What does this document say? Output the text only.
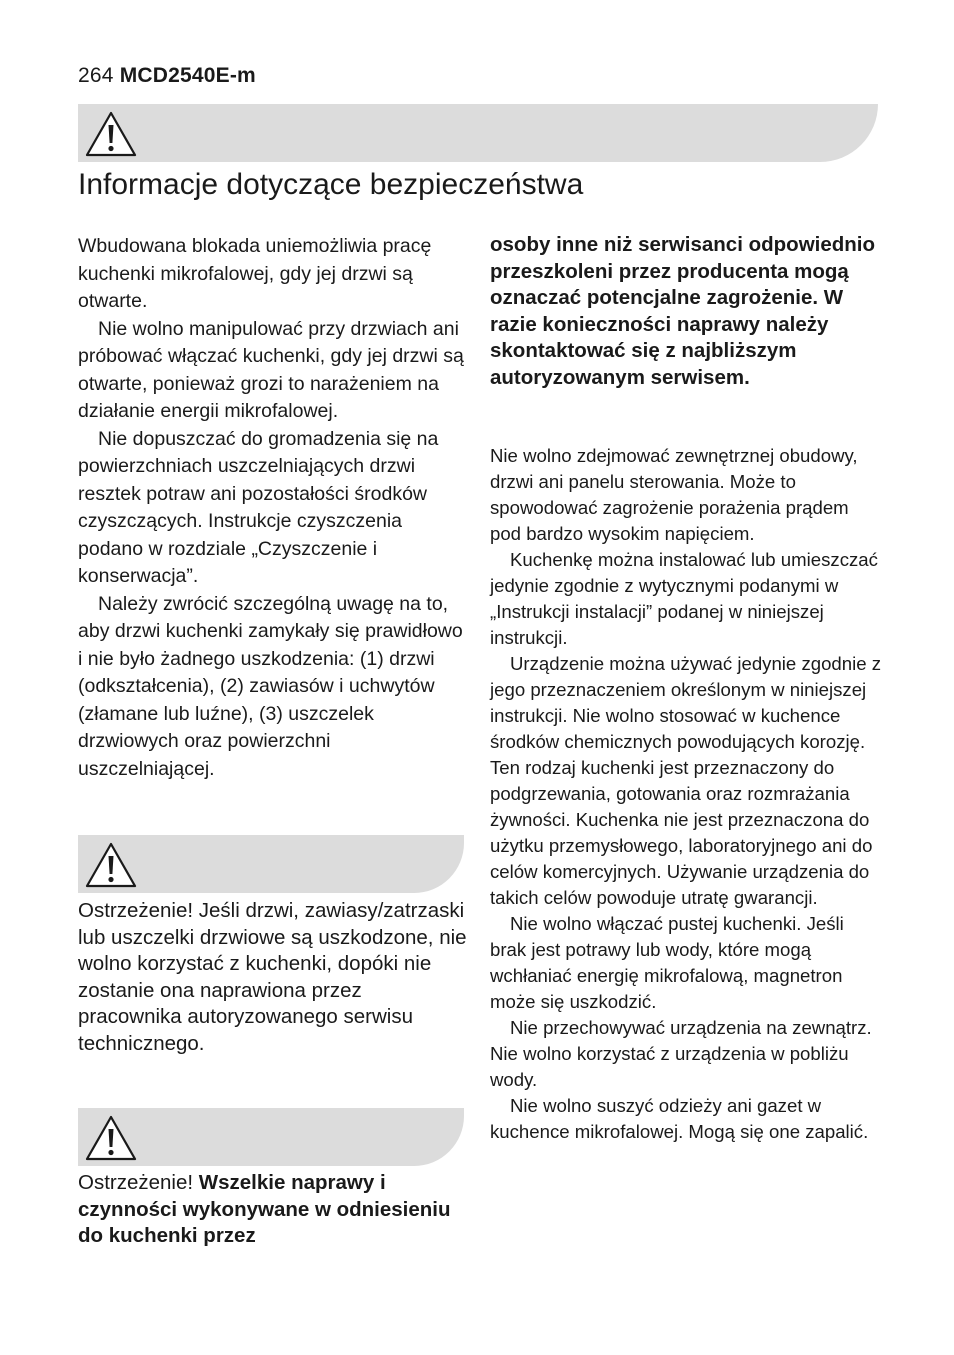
264 MCD2540E-m
Informacje dotyczące bezpieczeństwa

Wbudowana blokada uniemożliwia pracę kuchenki mikrofalowej, gdy jej drzwi są otwarte.

Nie wolno manipulować przy drzwiach ani próbować włączać kuchenki, gdy jej drzwi są otwarte, ponieważ grozi to narażeniem na działanie energii mikrofalowej.

Nie dopuszczać do gromadzenia się na powierzchniach uszczelniających drzwi resztek potraw ani pozostałości środków czyszczących. Instrukcje czyszczenia podano w rozdziale „Czyszczenie i konserwacja”.

Należy zwrócić szczególną uwagę na to, aby drzwi kuchenki zamykały się prawidłowo i nie było żadnego uszkodzenia: (1) drzwi (odkształcenia), (2) zawiasów i uchwytów (złamane lub luźne), (3) uszczelek drzwiowych oraz powierzchni uszczelniającej.

Ostrzeżenie! Jeśli drzwi, zawiasy/zatrzaski lub uszczelki drzwiowe są uszkodzone, nie wolno korzystać z kuchenki, dopóki nie zostanie ona naprawiona przez pracownika autoryzowanego serwisu technicznego.
Ostrzeżenie! Wszelkie naprawy i czynności wykonywane w odniesieniu do kuchenki przez
osoby inne niż serwisanci odpowiednio przeszkoleni przez producenta mogą oznaczać potencjalne zagrożenie. W razie konieczności naprawy należy skontaktować się z najbliższym autoryzowanym serwisem.

Nie wolno zdejmować zewnętrznej obudowy, drzwi ani panelu sterowania. Może to spowodować zagrożenie porażenia prądem pod bardzo wysokim napięciem.

Kuchenkę można instalować lub umieszczać jedynie zgodnie z wytycznymi podanymi w „Instrukcji instalacji” podanej w niniejszej instrukcji.

Urządzenie można używać jedynie zgodnie z jego przeznaczeniem określonym w niniejszej instrukcji. Nie wolno stosować w kuchence środków chemicznych powodujących korozję. Ten rodzaj kuchenki jest przeznaczony do podgrzewania, gotowania oraz rozmrażania żywności. Kuchenka nie jest przeznaczona do użytku przemysłowego, laboratoryjnego ani do celów komercyjnych. Używanie urządzenia do takich celów powoduje utratę gwarancji.

Nie wolno włączać pustej kuchenki. Jeśli brak jest potrawy lub wody, które mogą wchłaniać energię mikrofalową, magnetron może się uszkodzić.

Nie przechowywać urządzenia na zewnątrz. Nie wolno korzystać z urządzenia w pobliżu wody.

Nie wolno suszyć odzieży ani gazet w kuchence mikrofalowej. Mogą się one zapalić.
